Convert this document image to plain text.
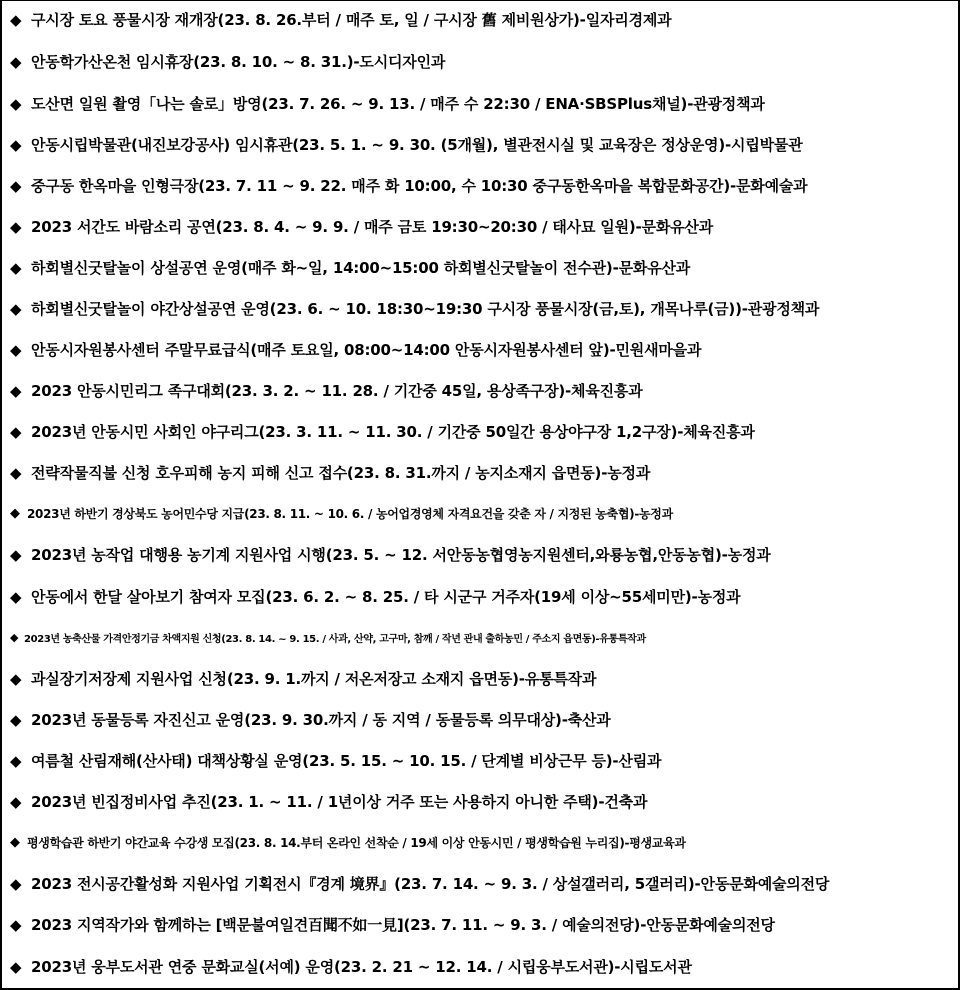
◆ 구시장 토요 풍물시장 재개장(23. 8. 26.부터 / 매주 토, 일 / 구시장 舊 제비원상가)-일자리경제과
◆ 안동학가산온천 임시휴장(23. 8. 10. ~ 8. 31.)-도시디자인과
◆ 도산면 일원 촬영「나는 솔로」방영(23. 7. 26. ~ 9. 13. / 매주 수 22:30 / ENA·SBSPlus채널)-관광정책과
◆ 안동시립박물관(내진보강공사) 임시휴관(23. 5. 1. ~ 9. 30. (5개월), 별관전시실 및 교육장은 정상운영)-시립박물관
◆ 중구동 한옥마을 인형극장(23. 7. 11 ~ 9. 22. 매주 화 10:00, 수 10:30 중구동한옥마을 복합문화공간)-문화예술과
◆ 2023 서간도 바람소리 공연(23. 8. 4. ~ 9. 9. / 매주 금토 19:30~20:30 / 태사묘 일원)-문화유산과
◆ 하회별신굿탈놀이 상설공연 운영(매주 화~일, 14:00~15:00 하회별신굿탈놀이 전수관)-문화유산과
◆ 하회별신굿탈놀이 야간상설공연 운영(23. 6. ~ 10. 18:30~19:30 구시장 풍물시장(금,토), 개목나루(금))-관광정책과
◆ 안동시자원봉사센터 주말무료급식(매주 토요일, 08:00~14:00 안동시자원봉사센터 앞)-민원새마을과
◆ 2023 안동시민리그 족구대회(23. 3. 2. ~ 11. 28. / 기간중 45일, 용상족구장)-체육진흥과
◆ 2023년 안동시민 사회인 야구리그(23. 3. 11. ~ 11. 30. / 기간중 50일간 용상야구장 1,2구장)-체육진흥과
◆ 전략작물직불 신청 호우피해 농지 피해 신고 접수(23. 8. 31.까지 / 농지소재지 읍면동)-농정과
◆ 2023년 하반기 경상북도 농어민수당 지급(23. 8. 11. ~ 10. 6. / 농어업경영체 자격요건을 갖춘 자 / 지정된 농축협)-농정과
◆ 2023년 농작업 대행용 농기계 지원사업 시행(23. 5. ~ 12. 서안동농협영농지원센터,와룡농협,안동농협)-농정과
◆ 안동에서 한달 살아보기 참여자 모집(23. 6. 2. ~ 8. 25. / 타 시군구 거주자(19세 이상~55세미만)-농정과
◆ 2023년 농축산물 가격안정기금 차액지원 신청(23. 8. 14. ~ 9. 15. / 사과, 산약, 고구마, 참깨 / 작년 관내 출하농민 / 주소지 읍면동)-유통특작과
◆ 과실장기저장제 지원사업 신청(23. 9. 1.까지 / 저온저장고 소재지 읍면동)-유통특작과
◆ 2023년 동물등록 자진신고 운영(23. 9. 30.까지 / 동 지역 / 동물등록 의무대상)-축산과
◆ 여름철 산림재해(산사태) 대책상황실 운영(23. 5. 15. ~ 10. 15. / 단계별 비상근무 등)-산림과
◆ 2023년 빈집정비사업 추진(23. 1. ~ 11. / 1년이상 거주 또는 사용하지 아니한 주택)-건축과
◆ 평생학습관 하반기 야간교육 수강생 모집(23. 8. 14.부터 온라인 선착순 / 19세 이상 안동시민 / 평생학습원 누리집)-평생교육과
◆ 2023 전시공간활성화 지원사업 기획전시『경계 境界』(23. 7. 14. ~ 9. 3. / 상설갤러리, 5갤러리)-안동문화예술의전당
◆ 2023 지역작가와 함께하는 [백문불여일견百聞不如一見](23. 7. 11. ~ 9. 3. / 예술의전당)-안동문화예술의전당
◆ 2023년 웅부도서관 연중 문화교실(서예) 운영(23. 2. 21 ~ 12. 14. / 시립웅부도서관)-시립도서관
